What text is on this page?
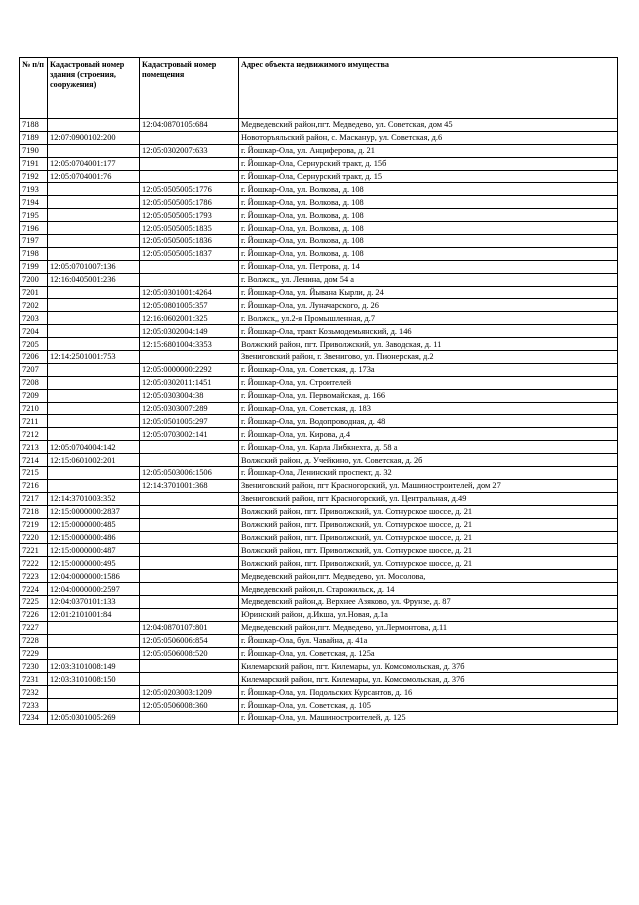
№ п/п	Кадастровый номер здания (строения, сооружения)	Кадастровый номер помещения	Адрес объекта недвижимого имущества
7188		12:04:0870105:684	Медведевский район,пгт. Медведево, ул. Советская, дом 45
7189	12:07:0900102:200		Новоторъяльский район, с. Маскануp, ул. Советская, д.6
7190		12:05:0302007:633	г. Йошкар-Ола, ул. Анциферова, д. 21
7191	12:05:0704001:177		г. Йошкар-Ола, Сернурский тракт, д. 15б
7192	12:05:0704001:76		г. Йошкар-Ола, Сернурский тракт, д. 15
7193		12:05:0505005:1776	г. Йошкар-Ола, ул. Волкова, д. 108
7194		12:05:0505005:1786	г. Йошкар-Ола, ул. Волкова, д. 108
7195		12:05:0505005:1793	г. Йошкар-Ола, ул. Волкова, д. 108
7196		12:05:0505005:1835	г. Йошкар-Ола, ул. Волкова, д. 108
7197		12:05:0505005:1836	г. Йошкар-Ола, ул. Волкова, д. 108
7198		12:05:0505005:1837	г. Йошкар-Ола, ул. Волкова, д. 108
7199	12:05:0701007:136		г. Йошкар-Ола, ул. Петрова, д. 14
7200	12:16:0405001:236		г. Волжск,, ул. Ленина, дом 54 а
7201		12:05:0301001:4264	г. Йошкар-Ола, ул. Йывана Кырли, д. 24
7202		12:05:0801005:357	г. Йошкар-Ола, ул. Луначарского, д. 26
7203		12:16:0602001:325	г. Волжск,, ул.2-я Промышленная, д.7
7204		12:05:0302004:149	г. Йошкар-Ола, тракт Козьмодемьянский, д. 146
7205		12:15:6801004:3353	Волжский район, пгт. Приволжский, ул. Заводская, д. 11
7206	12:14:2501001:753		Звениговский район, г. Звенигово, ул. Пионерская, д.2
7207		12:05:0000000:2292	г. Йошкар-Ола, ул. Советская, д. 173а
7208		12:05:0302011:1451	г. Йошкар-Ола, ул. Строителей
7209		12:05:0303004:38	г. Йошкар-Ола, ул. Первомайская, д. 166
7210		12:05:0303007:289	г. Йошкар-Ола, ул. Советская, д. 183
7211		12:05:0501005:297	г. Йошкар-Ола, ул. Водопроводная, д. 48
7212		12:05:0703002:141	г. Йошкар-Ола, ул. Кирова, д.4
7213	12:05:0704004:142		г. Йошкар-Ола, ул. Карла Либкнехта, д. 58 а
7214	12:15:0601002:201		Волжский район, д. Учейкино, ул. Советская, д. 2б
7215		12:05:0503006:1506	г. Йошкар-Ола, Ленинский проспект, д. 32
7216		12:14:3701001:368	Звениговский район, пгт Красногорский, ул. Машиностроителей, дом 27
7217	12:14:3701003:352		Звениговский район, пгт Красногорский, ул. Центральная, д.49
7218	12:15:0000000:2837		Волжский район, пгт. Приволжский, ул. Сотнурское шоссе, д. 21
7219	12:15:0000000:485		Волжский район, пгт. Приволжский, ул. Сотнурское шоссе, д. 21
7220	12:15:0000000:486		Волжский район, пгт. Приволжский, ул. Сотнурское шоссе, д. 21
7221	12:15:0000000:487		Волжский район, пгт. Приволжский, ул. Сотнурское шоссе, д. 21
7222	12:15:0000000:495		Волжский район, пгт. Приволжский, ул. Сотнурское шоссе, д. 21
7223	12:04:0000000:1586		Медведевский район,пгт. Медведево, ул. Мосолова,
7224	12:04:0000000:2597		Медведевский район,п. Старожильск, д. 14
7225	12:04:0370101:133		Медведевский район,д. Верхнее Азяково, ул. Фрунзе, д. 87
7226	12:01:2101001:84		Юринский район, д.Икша, ул.Новая, д.1а
7227		12:04:0870107:801	Медведевский район,пгт. Медведево, ул.Лермонтова, д.11
7228		12:05:0506006:854	г. Йошкар-Ола, бул. Чавайна, д. 41а
7229		12:05:0506008:520	г. Йошкар-Ола, ул. Советская, д. 125а
7230	12:03:3101008:149		Килемарский район, пгт. Килемары, ул. Комсомольская, д. 37б
7231	12:03:3101008:150		Килемарский район, пгт. Килемары, ул. Комсомольская, д. 37б
7232		12:05:0203003:1209	г. Йошкар-Ола, ул. Подольских Курсантов, д. 16
7233		12:05:0506008:360	г. Йошкар-Ола, ул. Советская, д. 105
7234	12:05:0301005:269		г. Йошкар-Ола, ул. Машиностроителей, д. 125
